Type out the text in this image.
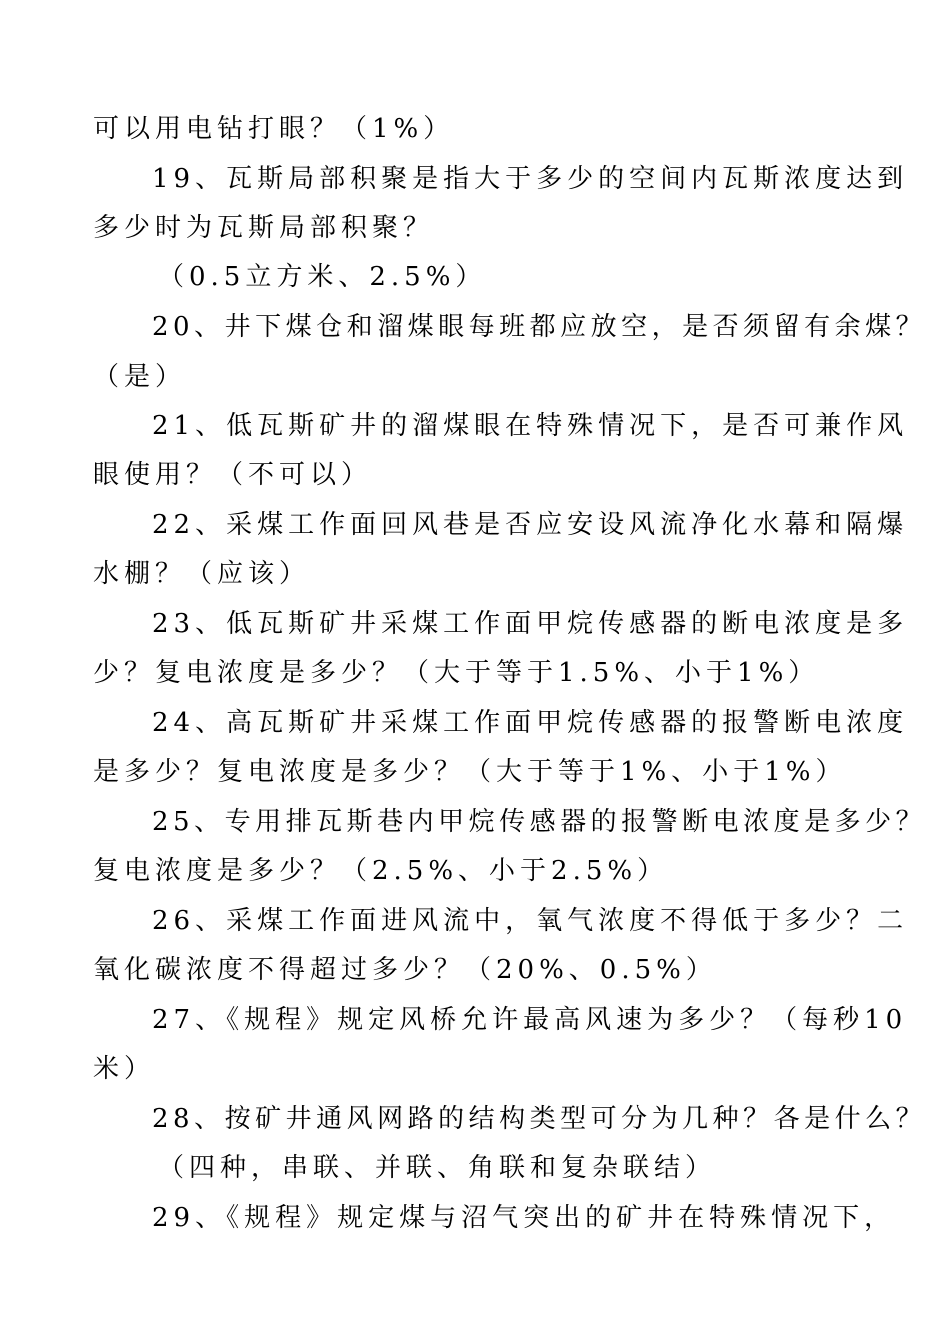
可以用电钻打眼？（1%）
19、瓦斯局部积聚是指大于多少的空间内瓦斯浓度达到
多少时为瓦斯局部积聚？
（0.5立方米、2.5%）
20、井下煤仓和溜煤眼每班都应放空，是否须留有余煤？
（是）
21、低瓦斯矿井的溜煤眼在特殊情况下，是否可兼作风
眼使用？（不可以）
22、采煤工作面回风巷是否应安设风流净化水幕和隔爆
水棚？（应该）
23、低瓦斯矿井采煤工作面甲烷传感器的断电浓度是多
少？复电浓度是多少？（大于等于1.5%、小于1%）
24、高瓦斯矿井采煤工作面甲烷传感器的报警断电浓度
是多少？复电浓度是多少？（大于等于1%、小于1%）
25、专用排瓦斯巷内甲烷传感器的报警断电浓度是多少？
复电浓度是多少？（2.5%、小于2.5%）
26、采煤工作面进风流中，氧气浓度不得低于多少？二
氧化碳浓度不得超过多少？（20%、0.5%）
27、《规程》规定风桥允许最高风速为多少？（每秒10
米）
28、按矿井通风网路的结构类型可分为几种？各是什么？
（四种，串联、并联、角联和复杂联结）
29、《规程》规定煤与沼气突出的矿井在特殊情况下，
